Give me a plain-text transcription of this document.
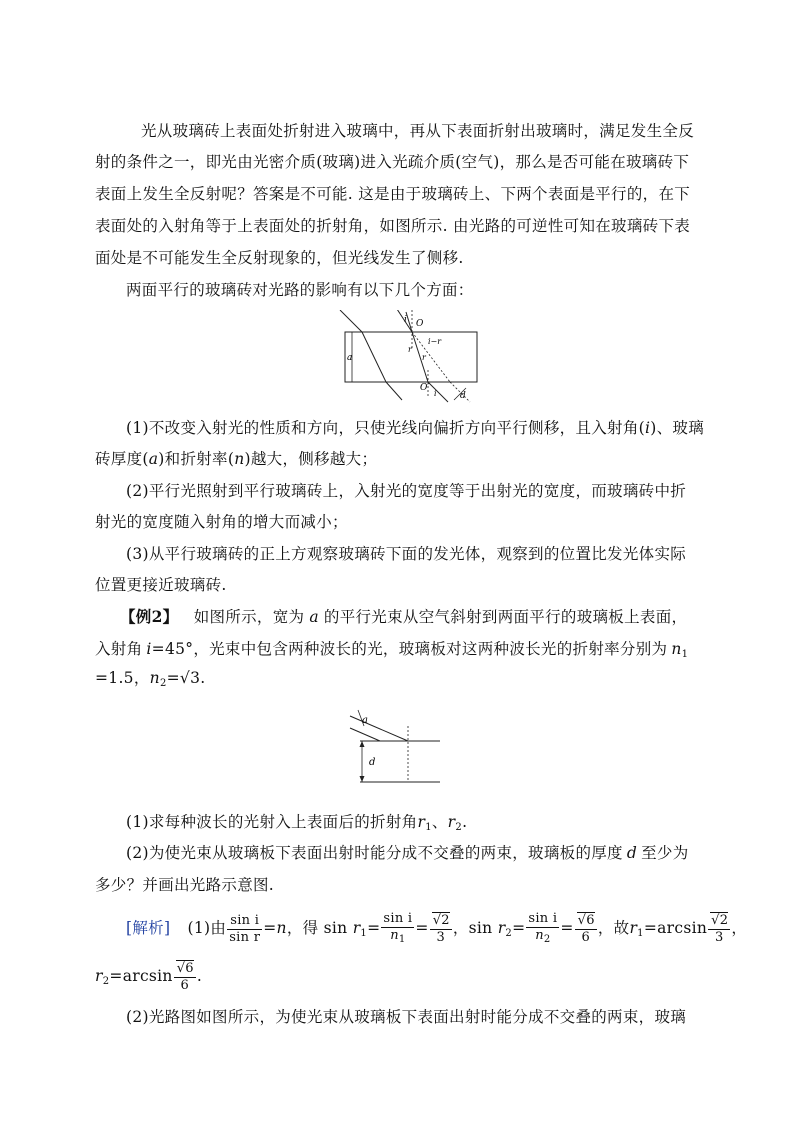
光从玻璃砖上表面处折射进入玻璃中，再从下表面折射出玻璃时，满足发生全反
射的条件之一，即光由光密介质(玻璃)进入光疏介质(空气)，那么是否可能在玻璃砖下
表面上发生全反射呢？答案是不可能. 这是由于玻璃砖上、下两个表面是平行的，在下
表面处的入射角等于上表面处的折射角，如图所示. 由光路的可逆性可知在玻璃砖下表
面处是不可能发生全反射现象的，但光线发生了侧移.
两面平行的玻璃砖对光路的影响有以下几个方面：
a
i O
i−r
r
r
O′
i	d
(1)不改变入射光的性质和方向，只使光线向偏折方向平行侧移，且入射角(i)、玻璃
砖厚度(a)和折射率(n)越大，侧移越大；
(2)平行光照射到平行玻璃砖上，入射光的宽度等于出射光的宽度，而玻璃砖中折
射光的宽度随入射角的增大而减小；
(3)从平行玻璃砖的正上方观察玻璃砖下面的发光体，观察到的位置比发光体实际
位置更接近玻璃砖.
【例2】 如图所示，宽为 a 的平行光束从空气斜射到两面平行的玻璃板上表面，
入射角 i=45°，光束中包含两种波长的光，玻璃板对这两种波长光的折射率分别为 $n_1$
=1.5，$n_2=√3$.
a
d
(1)求每种波长的光射入上表面后的折射角$r_1$、$r_2$.
(2)为使光束从玻璃板下表面出射时能分成不交叠的两束，玻璃板的厚度 d 至少为
多少？并画出光路示意图.
[解析] (1)由 $\frac{\text{sin i}}{\text{sin r}} =n$，得 $\sin r_1= \frac{\text{sin i}}{n_1} = \frac{√2}{3}$ ，$\sin r_2= \frac{\text{sin i}}{n_2} = \frac{√6}{6}$ ，故$r_1=\arcsin \frac{√2}{3}$ ，
$r_2=\arcsin \frac{√6}{6}$ .
(2)光路图如图所示，为使光束从玻璃板下表面出射时能分成不交叠的两束，玻璃
